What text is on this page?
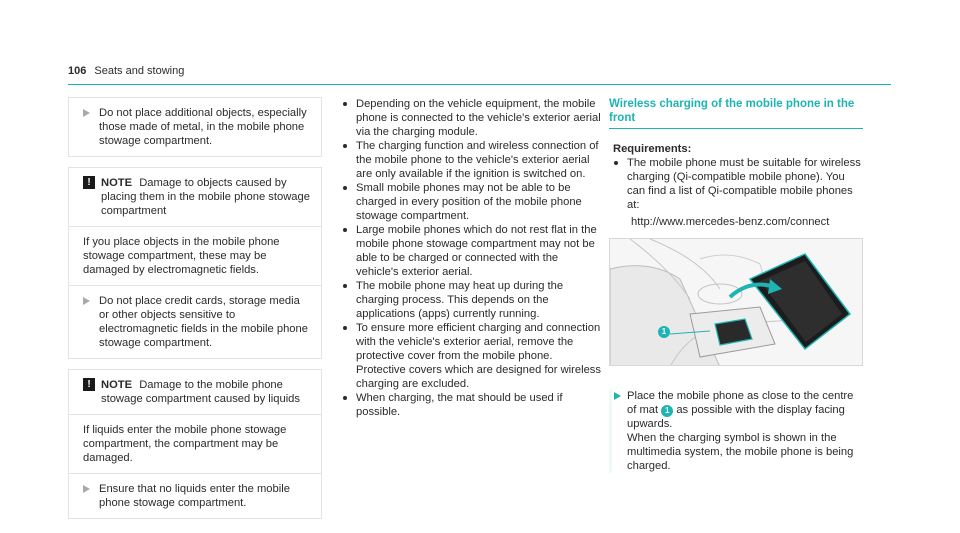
106 Seats and stowing
Do not place additional objects, especially those made of metal, in the mobile phone stowage compartment.
! NOTE Damage to objects caused by placing them in the mobile phone stowage compartment
If you place objects in the mobile phone stowage compartment, these may be damaged by electromagnetic fields.
Do not place credit cards, storage media or other objects sensitive to electromagnetic fields in the mobile phone stowage compartment.
! NOTE Damage to the mobile phone stowage compartment caused by liquids
If liquids enter the mobile phone stowage compartment, the compartment may be damaged.
Ensure that no liquids enter the mobile phone stowage compartment.
Depending on the vehicle equipment, the mobile phone is connected to the vehicle's exterior aerial via the charging module.
The charging function and wireless connection of the mobile phone to the vehicle's exterior aerial are only available if the ignition is switched on.
Small mobile phones may not be able to be charged in every position of the mobile phone stowage compartment.
Large mobile phones which do not rest flat in the mobile phone stowage compartment may not be able to be charged or connected with the vehicle's exterior aerial.
The mobile phone may heat up during the charging process. This depends on the applications (apps) currently running.
To ensure more efficient charging and connection with the vehicle's exterior aerial, remove the protective cover from the mobile phone. Protective covers which are designed for wireless charging are excluded.
When charging, the mat should be used if possible.
Wireless charging of the mobile phone in the
front
Requirements:
The mobile phone must be suitable for wireless charging (Qi-compatible mobile phone). You can find a list of Qi-compatible mobile phones at:
http://www.mercedes-benz.com/connect
1
Place the mobile phone as close to the centre of mat 1 as possible with the display facing upwards.
When the charging symbol is shown in the multimedia system, the mobile phone is being charged.
